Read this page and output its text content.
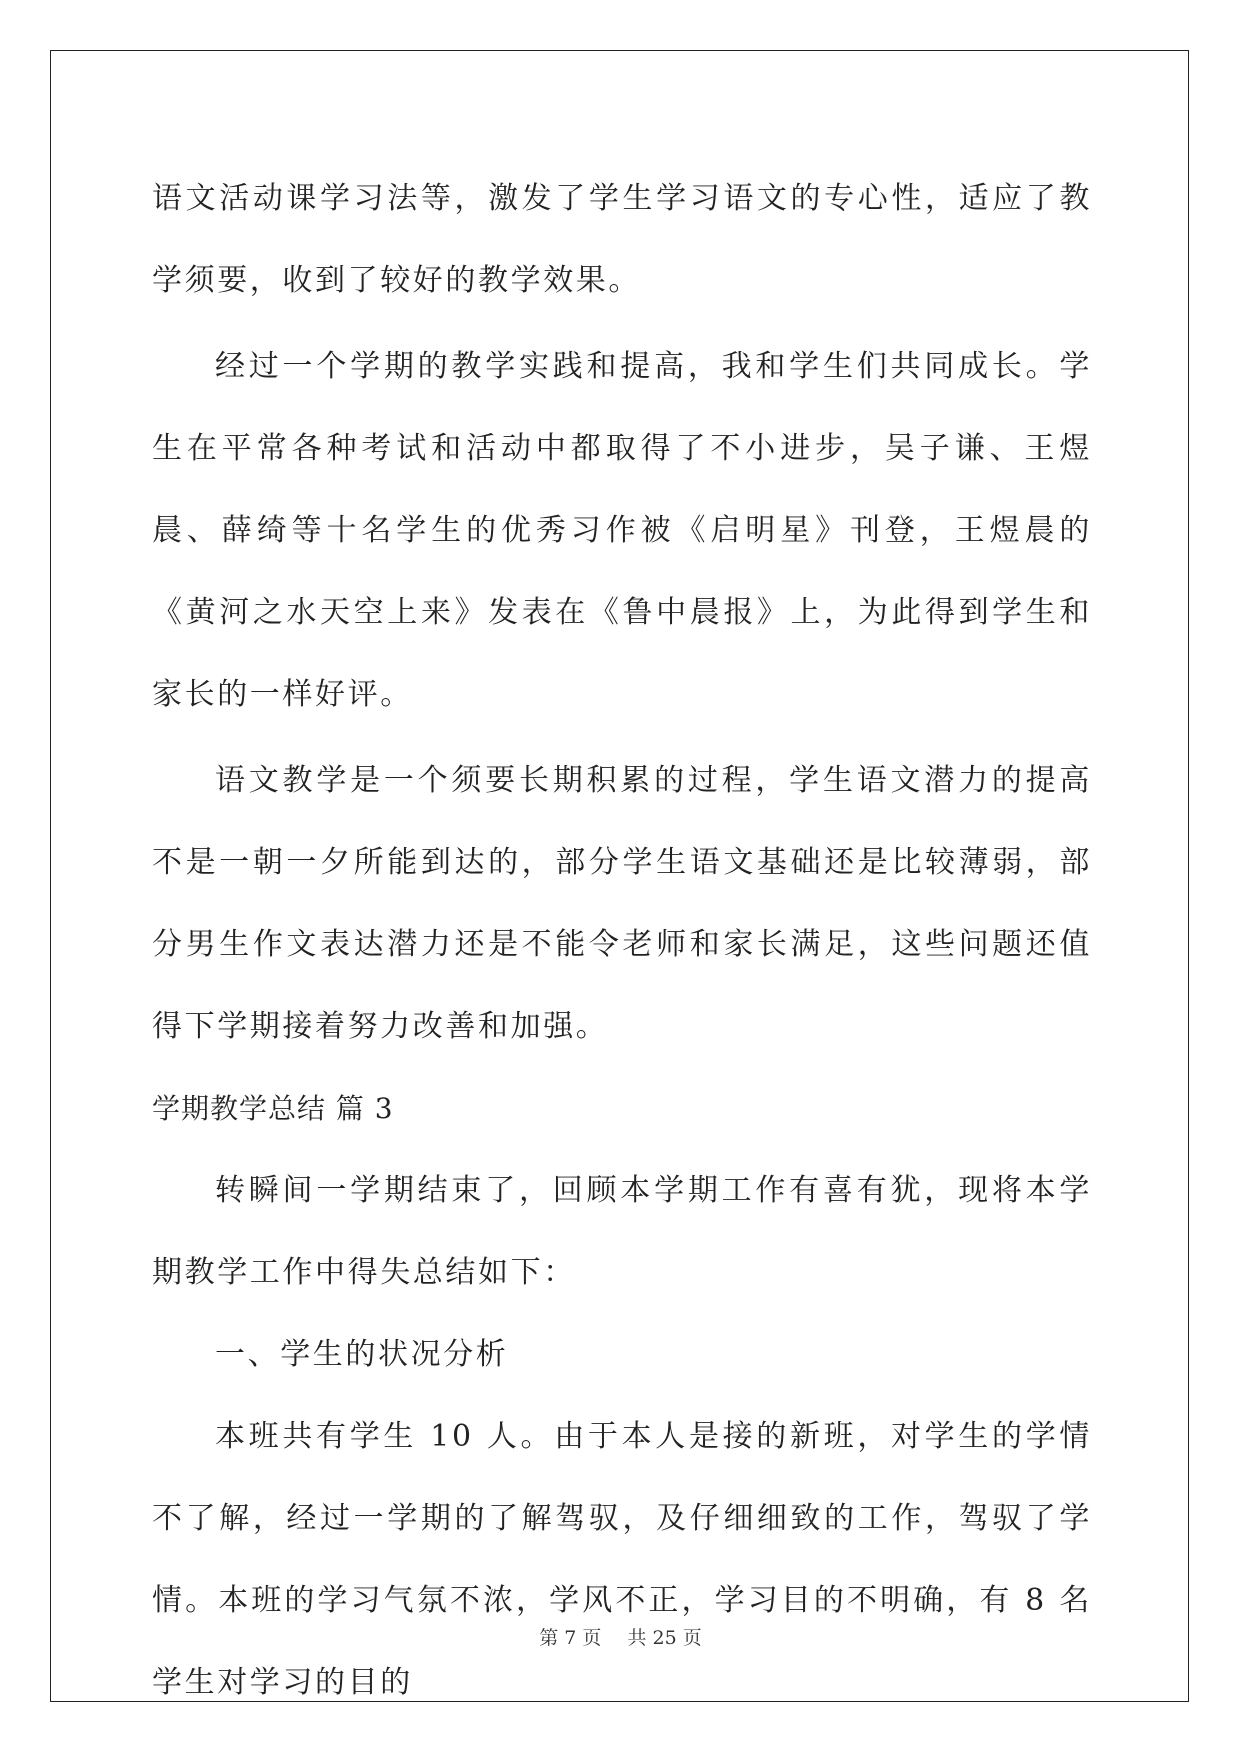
语文活动课学习法等，激发了学生学习语文的专心性，适应了教学须要，收到了较好的教学效果。

经过一个学期的教学实践和提高，我和学生们共同成长。学生在平常各种考试和活动中都取得了不小进步，吴子谦、王煜晨、薛绮等十名学生的优秀习作被《启明星》刊登，王煜晨的《黄河之水天空上来》发表在《鲁中晨报》上，为此得到学生和家长的一样好评。

语文教学是一个须要长期积累的过程，学生语文潜力的提高不是一朝一夕所能到达的，部分学生语文基础还是比较薄弱，部分男生作文表达潜力还是不能令老师和家长满足，这些问题还值得下学期接着努力改善和加强。

学期教学总结 篇 3

转瞬间一学期结束了，回顾本学期工作有喜有犹，现将本学期教学工作中得失总结如下：

一、学生的状况分析

本班共有学生 10 人。由于本人是接的新班，对学生的学情不了解，经过一学期的了解驾驭，及仔细细致的工作，驾驭了学情。本班的学习气氛不浓，学风不正，学习目的不明确，有 8 名学生对学习的目的

第 7 页 共 25 页
